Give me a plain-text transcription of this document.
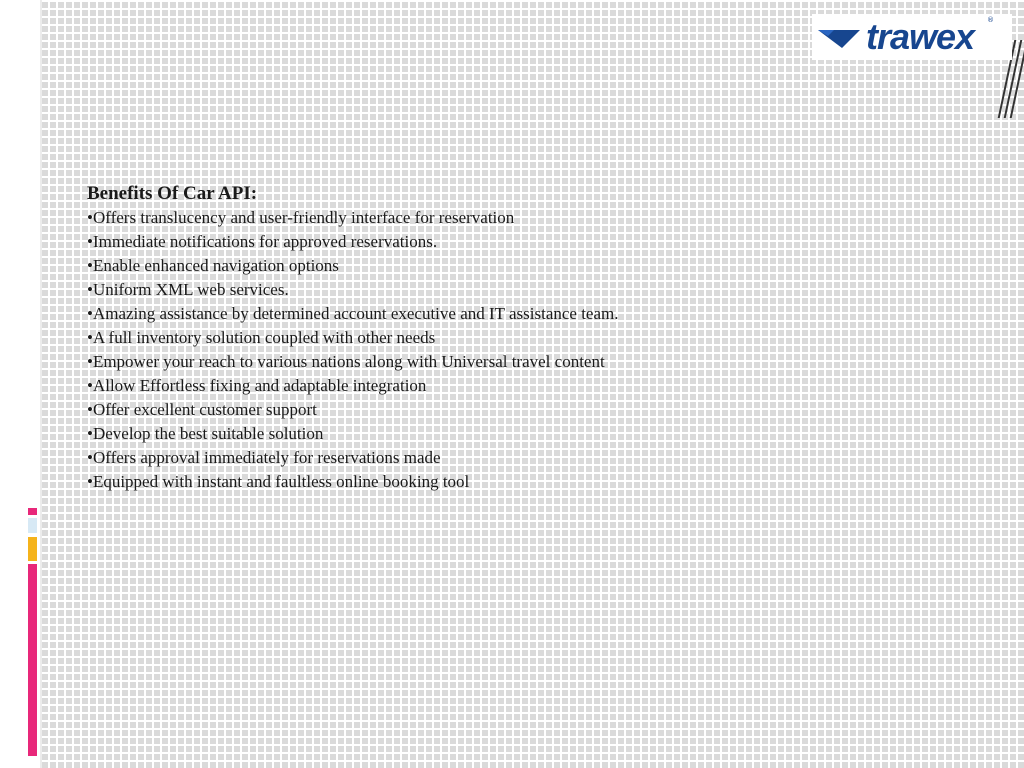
trawex ®
Benefits Of Car API:
•Offers translucency and user-friendly interface for reservation
•Immediate notifications for approved reservations.
•Enable enhanced navigation options
•Uniform XML web services.
•Amazing assistance by determined account executive and IT assistance team.
•A full inventory solution coupled with other needs
•Empower your reach to various nations along with Universal travel content
•Allow Effortless fixing and adaptable integration
•Offer excellent customer support
•Develop the best suitable solution
•Offers approval immediately for reservations made
•Equipped with instant and faultless online booking tool
